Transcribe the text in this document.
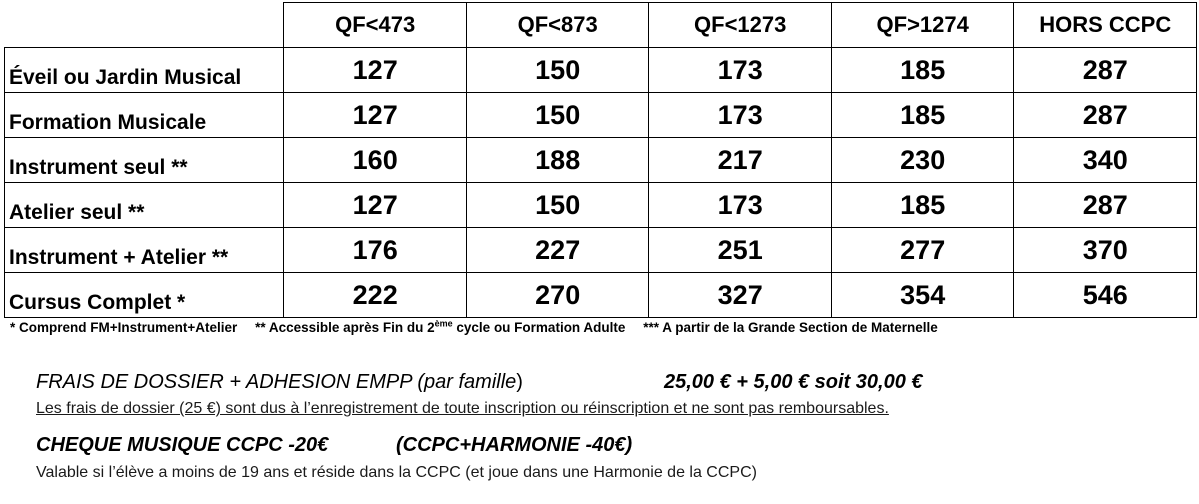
	QF<473	QF<873	QF<1273	QF>1274	HORS CCPC
Éveil ou Jardin Musical	127	150	173	185	287
Formation Musicale	127	150	173	185	287
Instrument seul **	160	188	217	230	340
Atelier seul **	127	150	173	185	287
Instrument + Atelier **	176	227	251	277	370
Cursus Complet *	222	270	327	354	546
* Comprend FM+Instrument+Atelier ** Accessible après Fin du 2ème cycle ou Formation Adulte *** A partir de la Grande Section de Maternelle
FRAIS DE DOSSIER + ADHESION EMPP (par famille)	25,00 € + 5,00 € soit 30,00 €
Les frais de dossier (25 €) sont dus à l’enregistrement de toute inscription ou réinscription et ne sont pas remboursables.
CHEQUE MUSIQUE CCPC -20€	(CCPC+HARMONIE -40€)
Valable si l’élève a moins de 19 ans et réside dans la CCPC (et joue dans une Harmonie de la CCPC)
